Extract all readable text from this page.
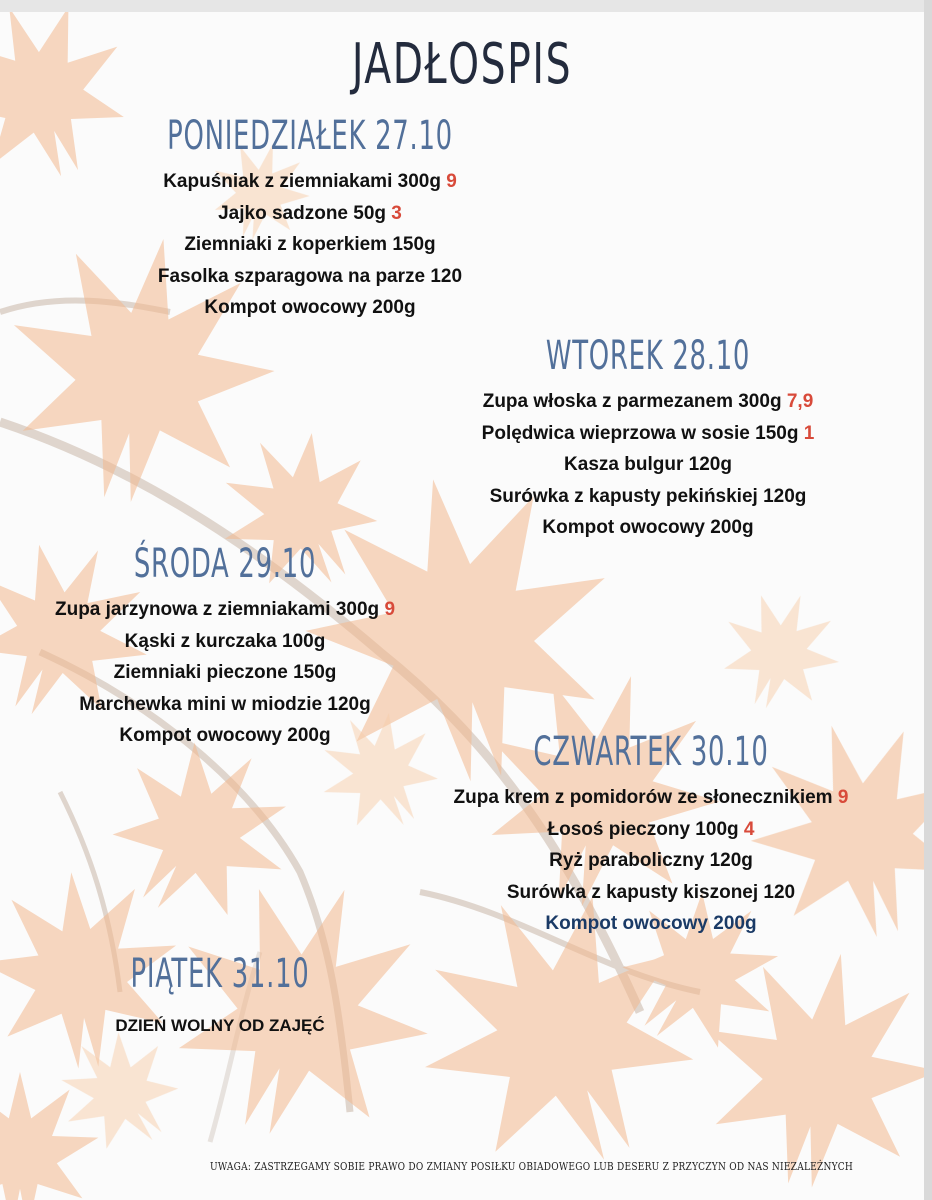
JADŁOSPIS
PONIEDZIAŁEK 27.10
Kapuśniak z ziemniakami 300g 9
Jajko sadzone 50g 3
Ziemniaki z koperkiem 150g
Fasolka szparagowa na parze 120
Kompot owocowy 200g
WTOREK 28.10
Zupa włoska z parmezanem 300g 7,9
Polędwica wieprzowa w sosie 150g 1
Kasza bulgur 120g
Surówka z kapusty pekińskiej 120g
Kompot owocowy 200g
ŚRODA 29.10
Zupa jarzynowa z ziemniakami 300g 9
Kąski z kurczaka 100g
Ziemniaki pieczone 150g
Marchewka mini w miodzie 120g
Kompot owocowy 200g	CZWARTEK 30.10
Zupa krem z pomidorów ze słonecznikiem 9
Łosoś pieczony 100g 4
Ryż paraboliczny 120g
Surówka z kapusty kiszonej 120
Kompot owocowy 200g
PIĄTEK 31.10
DZIEŃ WOLNY OD ZAJĘĆ
UWAGA: ZASTRZEGAMY SOBIE PRAWO DO ZMIANY POSIŁKU OBIADOWEGO LUB DESERU Z PRZYCZYN OD NAS NIEZALEŻNYCH
